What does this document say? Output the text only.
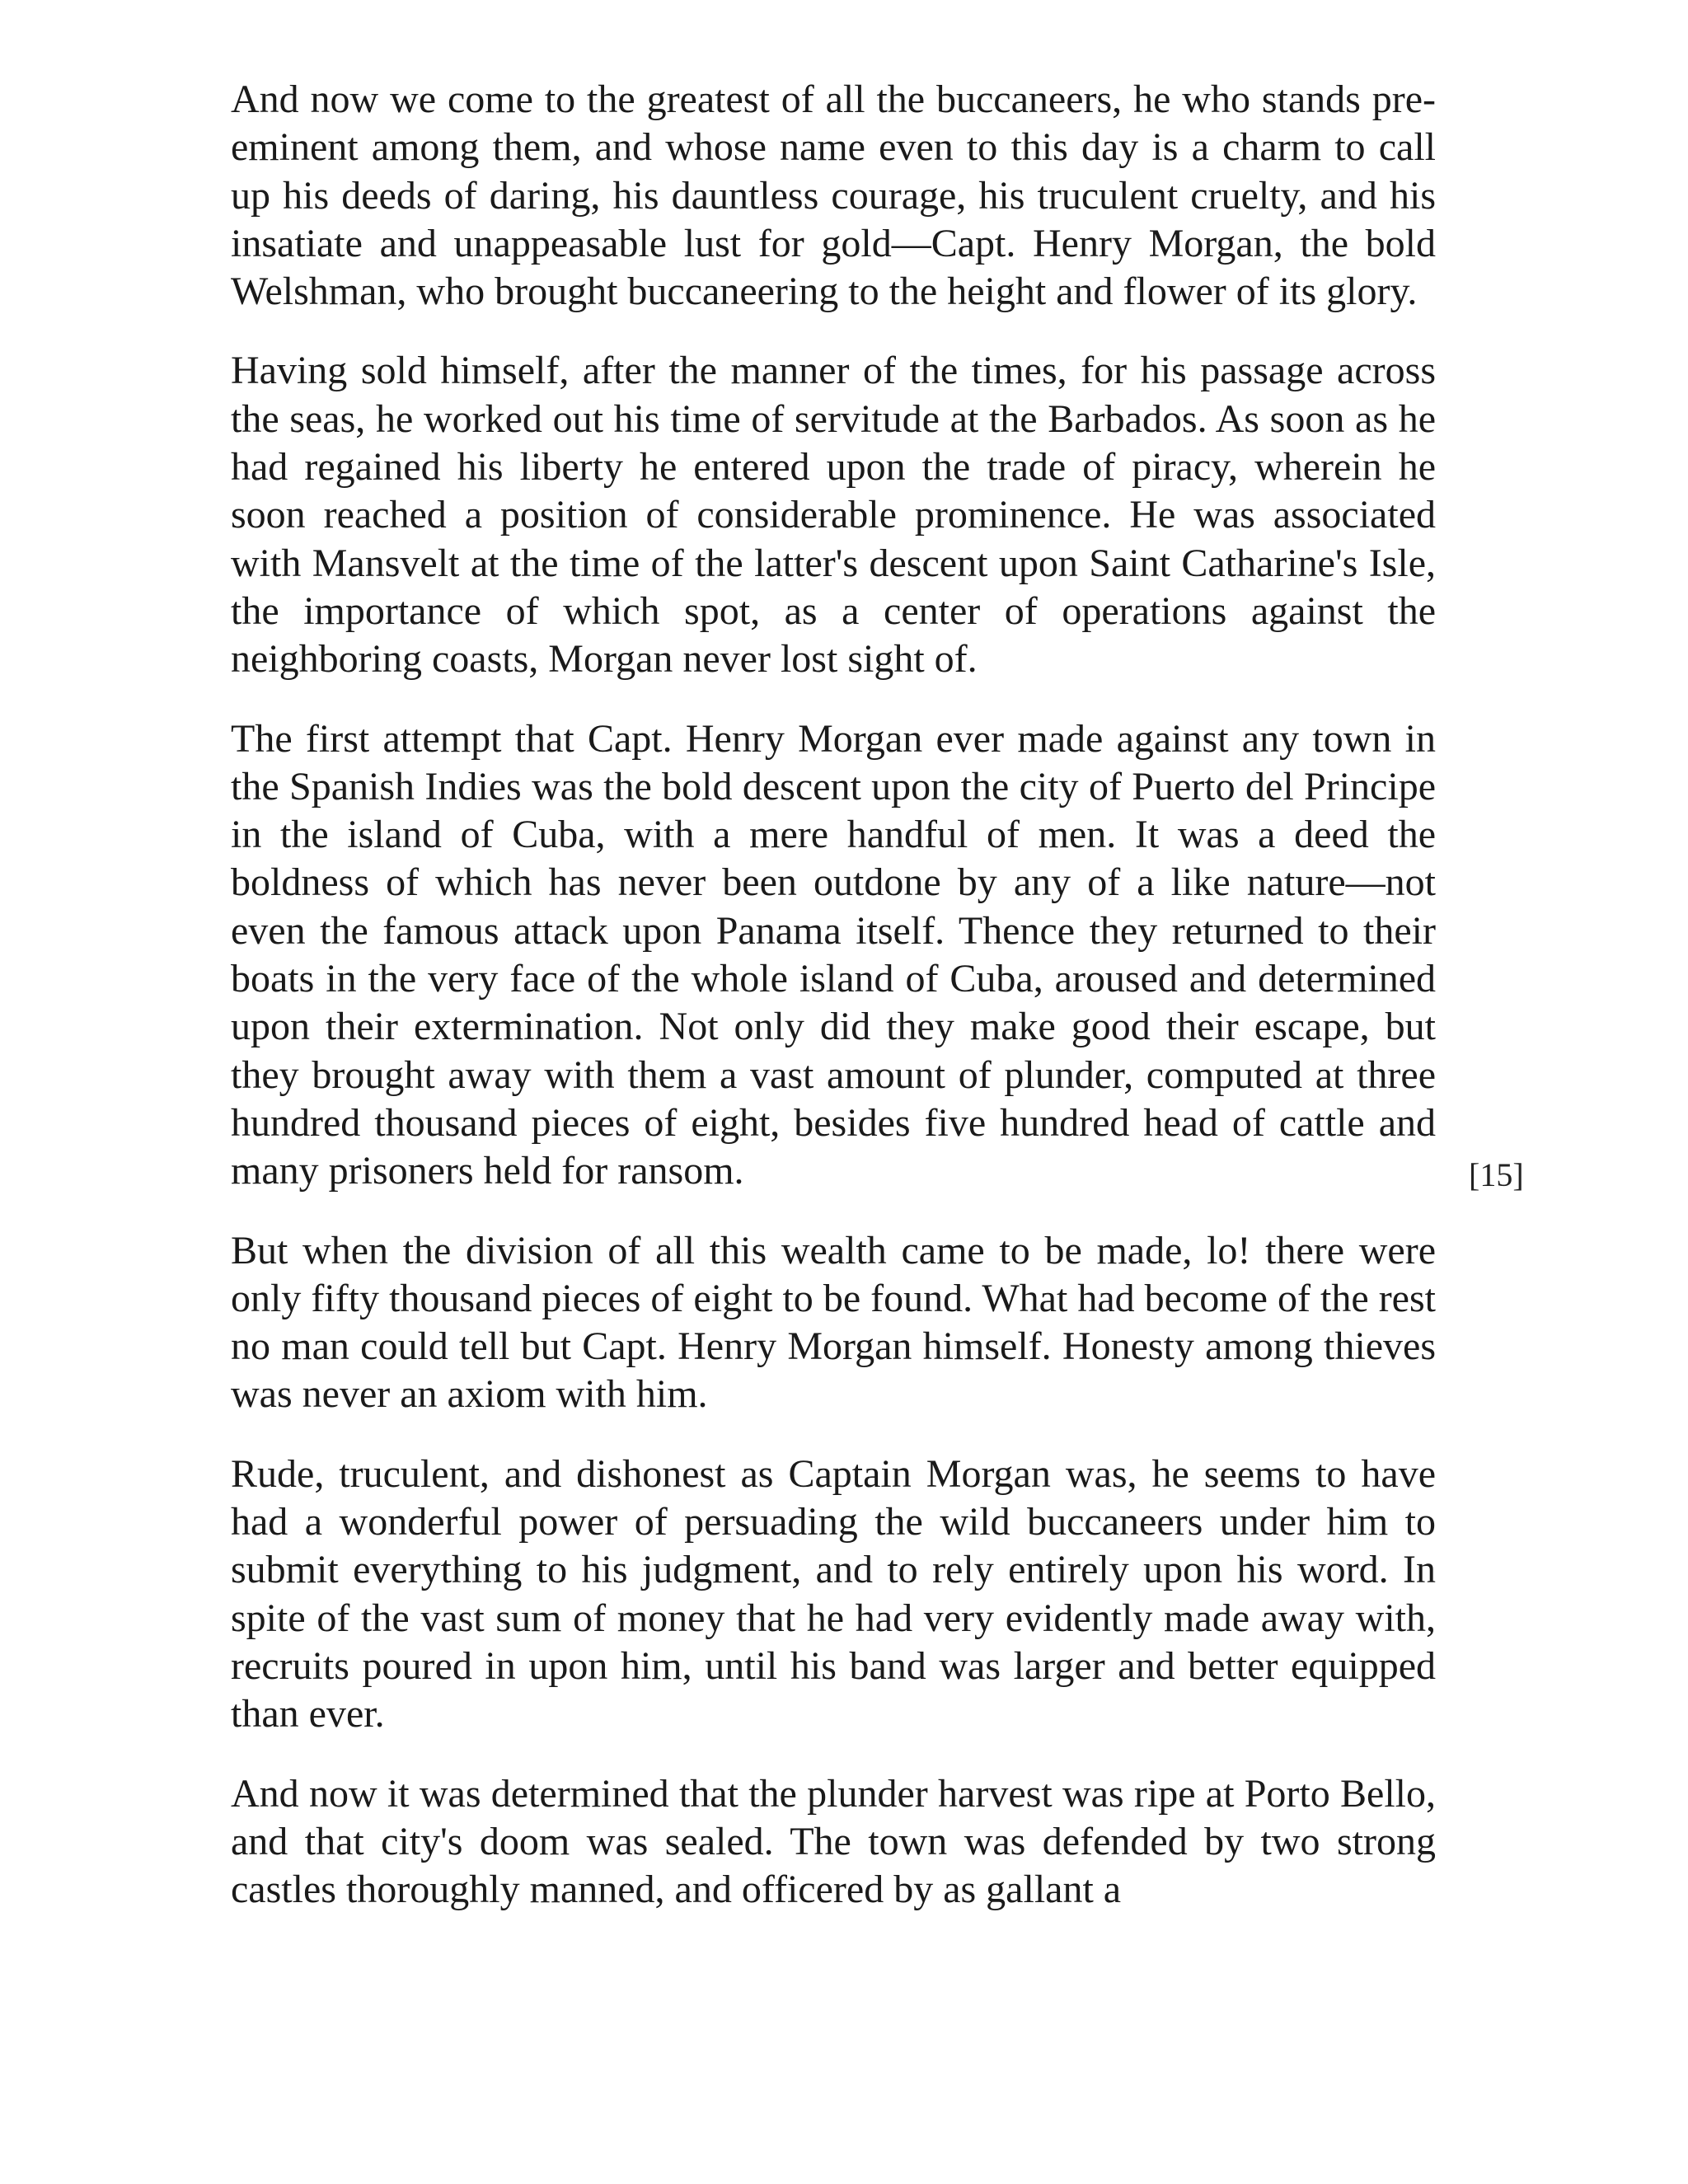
And now we come to the greatest of all the buccaneers, he who stands pre-eminent among them, and whose name even to this day is a charm to call up his deeds of daring, his dauntless courage, his truculent cruelty, and his insatiate and unappeasable lust for gold—Capt. Henry Morgan, the bold Welshman, who brought buccaneering to the height and flower of its glory.

Having sold himself, after the manner of the times, for his passage across the seas, he worked out his time of servitude at the Barbados. As soon as he had regained his liberty he entered upon the trade of piracy, wherein he soon reached a position of considerable prominence. He was associated with Mansvelt at the time of the latter's descent upon Saint Catharine's Isle, the importance of which spot, as a center of operations against the neighboring coasts, Morgan never lost sight of.

The first attempt that Capt. Henry Morgan ever made against any town in the Spanish Indies was the bold descent upon the city of Puerto del Principe in the island of Cuba, with a mere handful of men. It was a deed the boldness of which has never been outdone by any of a like nature—not even the famous attack upon Panama itself. Thence they returned to their boats in the very face of the whole island of Cuba, aroused and determined upon their extermination. Not only did they make good their escape, but they brought away with them a vast amount of plunder, computed at three hundred thousand pieces of eight, besides five hundred head of cattle and many prisoners held for ransom.

But when the division of all this wealth came to be made, lo! there were only fifty thousand pieces of eight to be found. What had become of the rest no man could tell but Capt. Henry Morgan himself. Honesty among thieves was never an axiom with him.

Rude, truculent, and dishonest as Captain Morgan was, he seems to have had a wonderful power of persuading the wild buccaneers under him to submit everything to his judgment, and to rely entirely upon his word. In spite of the vast sum of money that he had very evidently made away with, recruits poured in upon him, until his band was larger and better equipped than ever.

And now it was determined that the plunder harvest was ripe at Porto Bello, and that city's doom was sealed. The town was defended by two strong castles thoroughly manned, and officered by as gallant a

[15]
